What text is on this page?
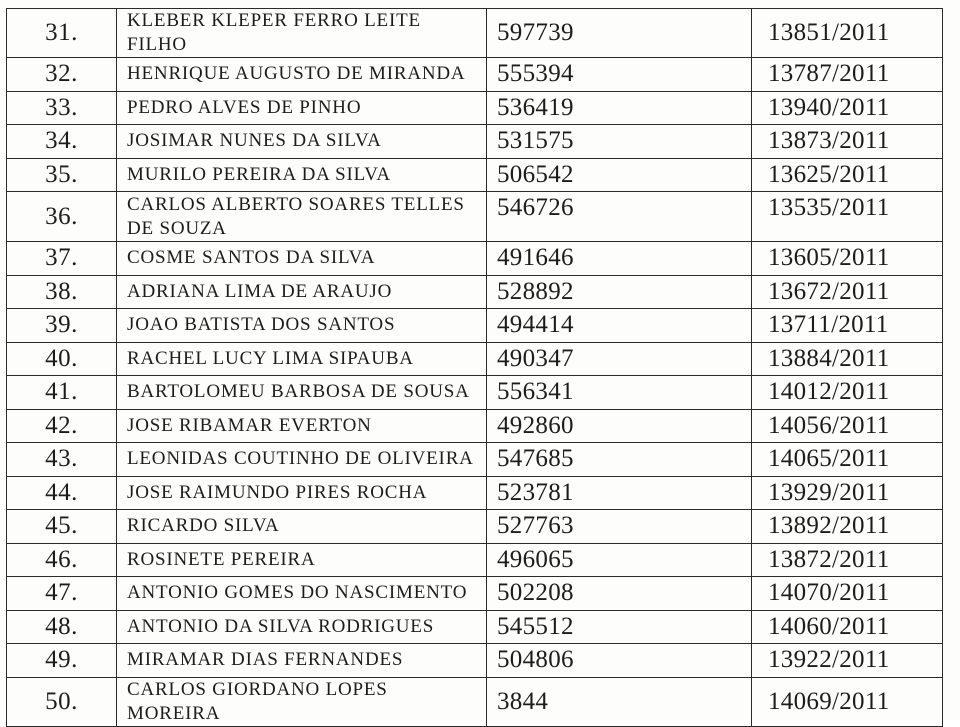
31.	KLEBER KLEPER FERRO LEITE FILHO	597739	13851/2011
32.	HENRIQUE AUGUSTO DE MIRANDA	555394	13787/2011
33.	PEDRO ALVES DE PINHO	536419	13940/2011
34.	JOSIMAR NUNES DA SILVA	531575	13873/2011
35.	MURILO PEREIRA DA SILVA	506542	13625/2011
36.	CARLOS ALBERTO SOARES TELLES DE SOUZA	546726	13535/2011
37.	COSME SANTOS DA SILVA	491646	13605/2011
38.	ADRIANA LIMA DE ARAUJO	528892	13672/2011
39.	JOAO BATISTA DOS SANTOS	494414	13711/2011
40.	RACHEL LUCY LIMA SIPAUBA	490347	13884/2011
41.	BARTOLOMEU BARBOSA DE SOUSA	556341	14012/2011
42.	JOSE RIBAMAR EVERTON	492860	14056/2011
43.	LEONIDAS COUTINHO DE OLIVEIRA	547685	14065/2011
44.	JOSE RAIMUNDO PIRES ROCHA	523781	13929/2011
45.	RICARDO SILVA	527763	13892/2011
46.	ROSINETE PEREIRA	496065	13872/2011
47.	ANTONIO GOMES DO NASCIMENTO	502208	14070/2011
48.	ANTONIO DA SILVA RODRIGUES	545512	14060/2011
49.	MIRAMAR DIAS FERNANDES	504806	13922/2011
50.	CARLOS GIORDANO LOPES MOREIRA	3844	14069/2011
